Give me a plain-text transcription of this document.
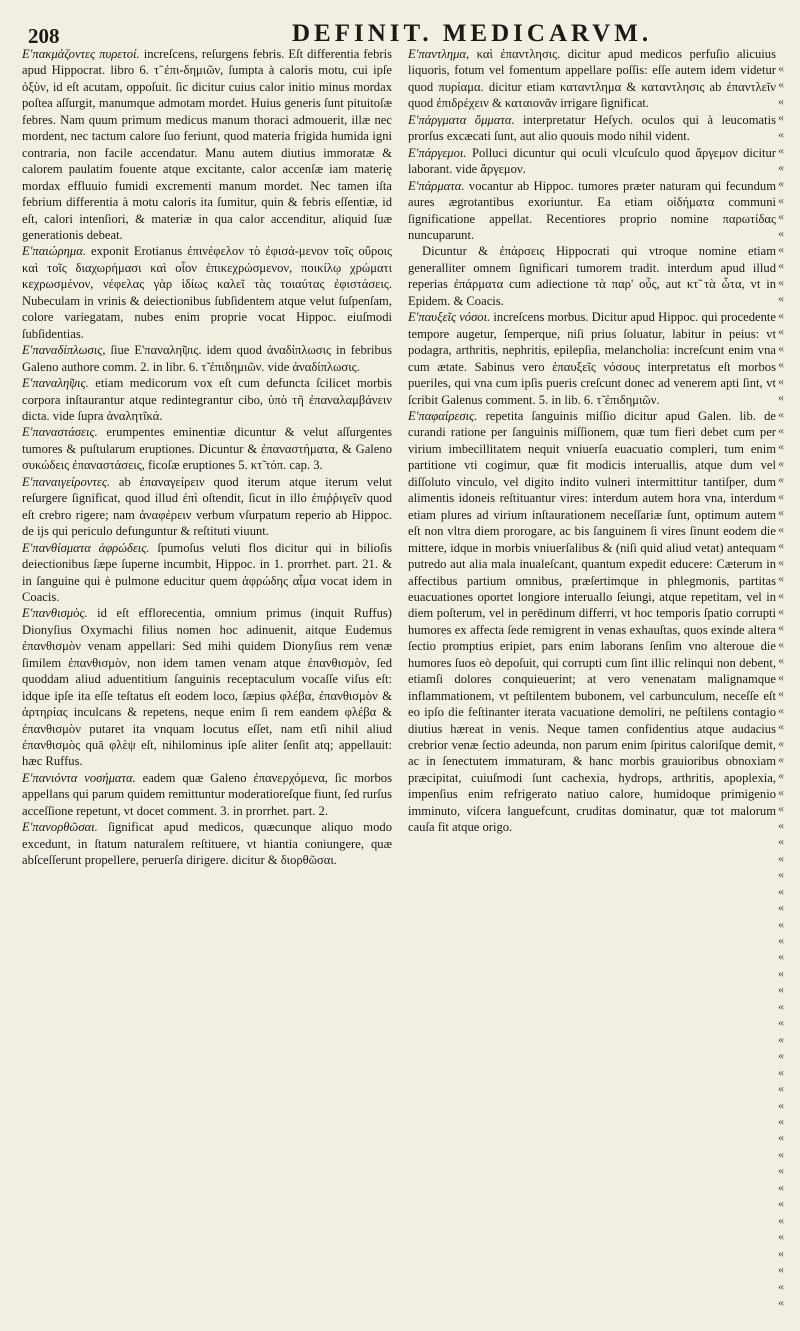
208	DEFINIT. MEDICARVM.

E'πακμάζοντες πυρετοί. increſcens, reſurgens febris. Eſt differentia febris apud Hippocrat. libro 6. τ̃ ἐπι-δημιῶν, ſumpta à caloris motu, cui ipſe ὀξὺν, id eſt acutam, oppoſuit. ſic dicitur cuius calor initio minus mordax poſtea aſſurgit, manumque admotam mordet. Huius generis ſunt pituitoſæ febres. Nam quum primum medicus manum thoraci admouerit, illæ nec mordent, nec tactum calore ſuo feriunt, quod materia frigida humida igni contraria, non facile accendatur. Manu autem diutius immoratæ & calorem paulatim fouente atque excitante, calor accenſæ iam materię mordax effluuio fumidi excrementi manum mordet. Nec tamen iſta febrium differentia à motu caloris ita ſumitur, quin & febris eſſentiæ, id eſt, calori intenſiori, & materiæ in qua calor accenditur, aliquid ſuæ generationis debeat.

E'παιώρημα. exponit Erotianus ἐπινέφελον τὸ ἐφισά-μενον τοῖς οὔροις καὶ τοῖς διαχωρήμασι καὶ οἷον ἐπικεχρώσμενον, ποικίλῳ χρώματι κεχρωσμένον, νέφελας γὰρ ἰδίως καλεῖ τὰς τοιαύτας ἐφιστάσεις. Nubeculam in vrinis & deiectionibus ſubſidentem atque velut ſuſpenſam, colore variegatam, nubes enim proprie vocat Hippoc. eiuſmodi ſubſidentias.

E'παναδίπλωσις, ſiue E'παναλη̃ψις. idem quod ἀναδίπλωσις in febribus Galeno authore comm. 2. in libr. 6. τ̃ ἐπιδημιῶν. vide ἀναδίπλωσις.

E'παναλη̃ψις. etiam medicorum vox eſt cum defuncta ſcilicet morbis corpora inſtaurantur atque redintegrantur cibo, ὑπὸ τῆ ἐπαναλαμβάνειν dicta. vide ſupra ἀναλητ̃ικά.

E'παναστάσεις. erumpentes eminentiæ dicuntur & velut aſſurgentes tumores & puſtularum eruptiones. Dicuntur & ἐπαναστήματα, & Galeno συκώδεις ἐπαναστάσεις, ficoſæ eruptiones 5. κτ̃ τόπ. cap. 3.

E'παναιγείροντες. ab ἐπαναγείρειν quod iterum atque iterum velut reſurgere ſignificat, quod illud ἐπὶ oſtendit, ſicut in illo ἐπιῤῥιγεῖν quod eſt crebro rigere; nam ἀναφέρειν verbum vſurpatum reperio ab Hippoc. de ijs qui periculo defunguntur & reſtituti viuunt.

E'πανθίσματα ἀφρώδεις. ſpumoſus veluti flos dicitur qui in bilioſis deiectionibus ſæpe ſuperne incumbit, Hippoc. in 1. prorrhet. part. 21. & in ſanguine qui è pulmone educitur quem ἀφρώδης αἷμα vocat idem in Coacis.

E'πανθισμὸς. id eſt efflorecentia, omnium primus (inquit Ruffus) Dionyſius Oxymachi filius nomen hoc adinuenit, aitque Eudemus ἐπανθισμὸν venam appellari: Sed mihi quidem Dionyſius rem venæ ſimilem ἐπανθισμὸν, non idem tamen venam atque ἐπανθισμὸν, ſed quoddam aliud aduentitium ſanguinis receptaculum vocaſſe viſus eſt: idque ipſe ita eſſe teſtatus eſt eodem loco, ſæpius φλέβα, ἐπανθισμὸν & ἀρτηρίας inculcans & repetens, neque enim ſi rem eandem φλέβα & ἐπανθισμὸν putaret ita vnquam locutus eſſet, nam etſi nihil aliud ἐπανθισμὸς quā φλὲψ eſt, nihilominus ipſe aliter ſenſit atq; appellauit: hæc Ruffus.

E'πανιόντα νοσήματα. eadem quæ Galeno ἐπανερχόμενα, ſic morbos appellans qui parum quidem remittuntur moderatioreſque fiunt, ſed rurſus acceſſione repetunt, vt docet comment. 3. in prorrhet. part. 2.

E'πανορθῶσαι. ſignificat apud medicos, quæcunque aliquo modo excedunt, in ſtatum naturalem reſtituere, vt hiantia coniungere, quæ abſceſſerunt propellere, peruerſa dirigere. dicitur & διορθῶσαι.

E'παντλημα, καὶ ἐπαντλησις. dicitur apud medicos perfuſio alicuius liquoris, fotum vel fomentum appellare poſſis: eſſe autem idem videtur quod πυρίαμα. dicitur etiam καταντλημα & καταντλησις ab ἐπαντλεῖν quod ἐπιδρέχειν & καταιονᾶν irrigare ſignificat.

E'πάργματα ὄμματα. interpretatur Heſych. oculos qui à leucomatis prorſus excæcati ſunt, aut alio quouis modo nihil vident.

E'πάργεμοι. Polluci dicuntur qui oculi vlcuſculo quod ἄργεμον dicitur laborant. vide ἄργεμον.

E'πάρματα. vocantur ab Hippoc. tumores præter naturam qui fecundum aures ægrotantibus exoriuntur. Ea etiam οἰδήματα communi ſignificatione appellat. Recentiores proprio nomine παρωτίδας nuncuparunt.

Dicuntur & ἐπάρσεις Hippocrati qui vtroque nomine etiam generalliter omnem ſignificari tumorem tradit. interdum apud illud reperias ἐπάρματα cum adiectione τὰ παρ' οὖς, aut κτ̃ τὰ ὦτα, vt in Epidem. & Coacis.

E'παυξεῖς νόσοι. increſcens morbus. Dicitur apud Hippoc. qui procedente tempore augetur, ſemperque, niſi prius ſoluatur, labitur in peius: vt podagra, arthritis, nephritis, epilepſia, melancholia: increſcunt enim vna cum ætate. Sabinus vero ἐπαυξεῖς νόσους interpretatus eſt morbos pueriles, qui vna cum ipſis pueris creſcunt donec ad venerem apti ſint, vt ſcribit Galenus comment. 5. in lib. 6. τ̃ ἐπιδημιῶν.

E'παφαίρεσις. repetita ſanguinis miſſio dicitur apud Galen. lib. de curandi ratione per ſanguinis miſſionem, quæ tum fieri debet cum per virium imbecillitatem nequit vniuerſa euacuatio compleri, tum enim partitione vti cogimur, quæ fit modicis interuallis, atque dum vel diſſoluto vinculo, vel digito indito vulneri intermittitur tantiſper, dum alimentis idoneis reſtituantur vires: interdum autem hora vna, interdum etiam plures ad virium inſtaurationem neceſſariæ ſunt, optimum autem eſt non vltra diem prorogare, ac bis ſanguinem ſi vires ſinunt eodem die mittere, idque in morbis vniuerſalibus & (niſi quid aliud vetat) antequam putredo aut alia mala inualeſcant, quantum expedit educere: Cæterum in affectibus partium omnibus, præſertimque in phlegmonis, partitas euacuationes oportet longiore interuallo ſeiungi, atque repetitam, vel in diem poſterum, vel in perēdinum differri, vt hoc temporis ſpatio corrupti humores ex affecta ſede remigrent in venas exhauſtas, quos exinde altera ſectio promptius eripiet, pars enim laborans ſenſim vno alteroue die humores ſuos eò depoſuit, qui corrupti cum ſint illic relinqui non debent, etiamſi dolores conquieuerint; at vero venenatam malignamque inflammationem, vt peſtilentem bubonem, vel carbunculum, neceſſe eſt eo ipſo die feſtinanter iterata vacuatione demoliri, ne peſtilens contagio diutius hæreat in venis. Neque tamen confidentius atque audacius crebrior venæ ſectio adeunda, non parum enim ſpiritus caloriſque demit, ac in ſenectutem immaturam, & hanc morbis grauioribus obnoxiam præcipitat, cuiuſmodi ſunt cachexia, hydrops, arthritis, apoplexia, impenſius enim refrigerato natiuo calore, humidoque primigenio imminuto, viſcera languefcunt, cruditas dominatur, quæ tot malorum cauſa fit atque origo.

«
«
«
«
«
«
«
«
«
«
«
«
«
«
«
«
«
«
«
«
«
«
«
«
«
«
«
«
«
«
«
«
«
«
«
«
«
«
«
«
«
«
«
«
«
«
«
«
«
«
«
«
«
«
«
«
«
«
«
«
«
«
«
«
«
«
«
«
«
«
«
«
«
«
«
«
